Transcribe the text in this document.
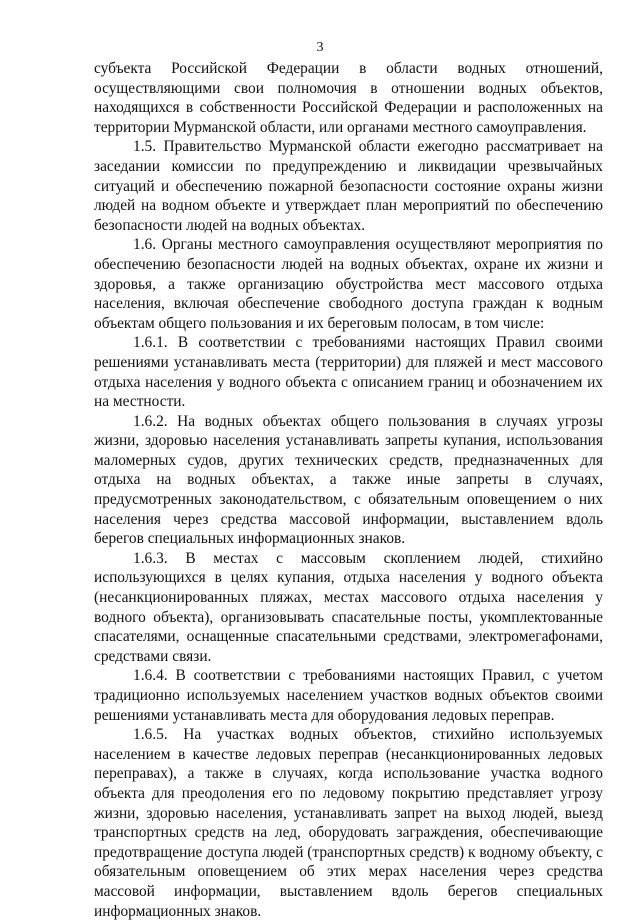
3

субъекта Российской Федерации в области водных отношений, осуществляющими свои полномочия в отношении водных объектов, находящихся в собственности Российской Федерации и расположенных на территории Мурманской области, или органами местного самоуправления.

1.5. Правительство Мурманской области ежегодно рассматривает на заседании комиссии по предупреждению и ликвидации чрезвычайных ситуаций и обеспечению пожарной безопасности состояние охраны жизни людей на водном объекте и утверждает план мероприятий по обеспечению безопасности людей на водных объектах.

1.6. Органы местного самоуправления осуществляют мероприятия по обеспечению безопасности людей на водных объектах, охране их жизни и здоровья, а также организацию обустройства мест массового отдыха населения, включая обеспечение свободного доступа граждан к водным объектам общего пользования и их береговым полосам, в том числе:

1.6.1. В соответствии с требованиями настоящих Правил своими решениями устанавливать места (территории) для пляжей и мест массового отдыха населения у водного объекта с описанием границ и обозначением их на местности.

1.6.2. На водных объектах общего пользования в случаях угрозы жизни, здоровью населения устанавливать запреты купания, использования маломерных судов, других технических средств, предназначенных для отдыха на водных объектах, а также иные запреты в случаях, предусмотренных законодательством, с обязательным оповещением о них населения через средства массовой информации, выставлением вдоль берегов специальных информационных знаков.

1.6.3. В местах с массовым скоплением людей, стихийно использующихся в целях купания, отдыха населения у водного объекта (несанкционированных пляжах, местах массового отдыха населения у водного объекта), организовывать спасательные посты, укомплектованные спасателями, оснащенные спасательными средствами, электромегафонами, средствами связи.

1.6.4. В соответствии с требованиями настоящих Правил, с учетом традиционно используемых населением участков водных объектов своими решениями устанавливать места для оборудования ледовых переправ.

1.6.5. На участках водных объектов, стихийно используемых населением в качестве ледовых переправ (несанкционированных ледовых переправах), а также в случаях, когда использование участка водного объекта для преодоления его по ледовому покрытию представляет угрозу жизни, здоровью населения, устанавливать запрет на выход людей, выезд транспортных средств на лед, оборудовать заграждения, обеспечивающие предотвращение доступа людей (транспортных средств) к водному объекту, с обязательным оповещением об этих мерах населения через средства массовой информации, выставлением вдоль берегов специальных информационных знаков.
